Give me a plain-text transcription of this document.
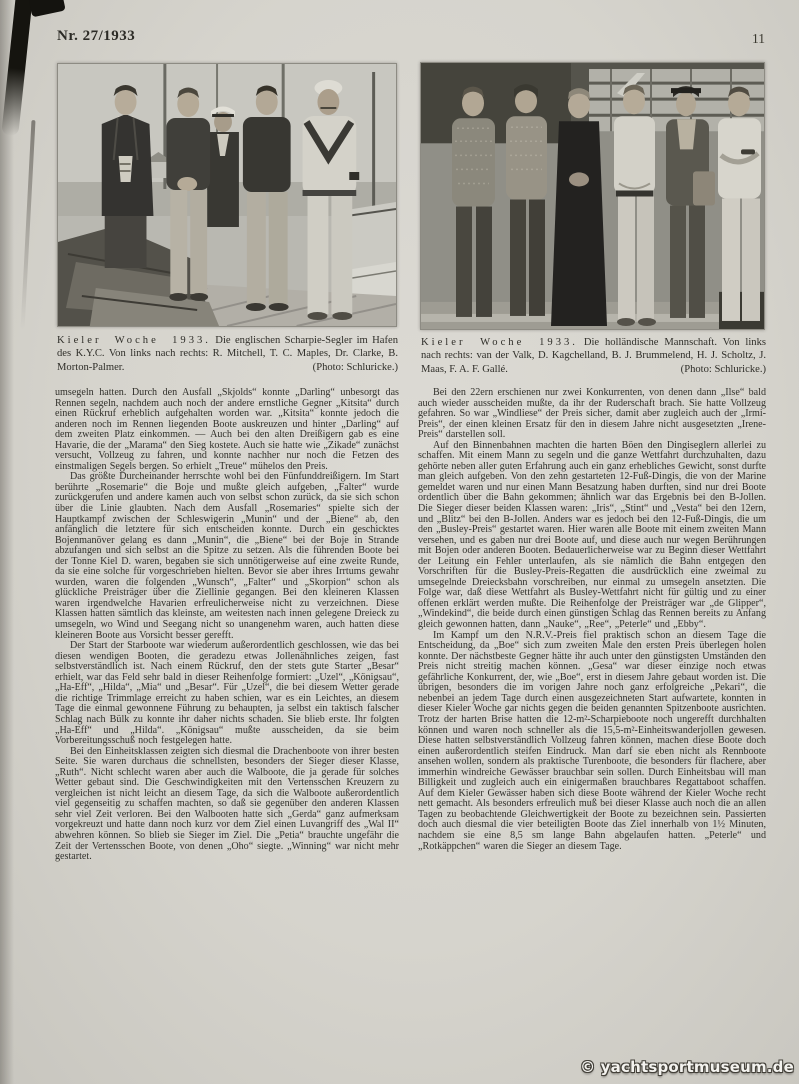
Nr. 27/1933	11
Kieler Woche 1933. Die englischen Scharpie-Segler im Hafen des K.Y.C. Von links nach rechts: R. Mitchell, T. C. Maples, Dr. Clarke, B. Morton-Palmer.	(Photo: Schluricke.)
Kieler Woche 1933. Die holländische Mannschaft. Von links nach rechts: van der Valk, D. Kagchelland, B. J. Brummelend, H. J. Scholtz, J. Maas, F. A. F. Gallé.	(Photo: Schluricke.)

umsegeln hatten. Durch den Ausfall „Skjolds“ konnte „Darling“ unbesorgt das Rennen segeln, nachdem auch noch der andere ernstliche Gegner „Kitsita“ durch einen Rückruf erheblich aufgehalten worden war. „Kitsita“ konnte jedoch die anderen noch im Rennen liegenden Boote auskreuzen und hinter „Darling“ auf dem zweiten Platz einkommen. — Auch bei den alten Dreißigern gab es eine Havarie, die der „Marama“ den Sieg kostete. Auch sie hatte wie „Zikade“ zunächst versucht, Vollzeug zu fahren, und konnte nachher nur noch die Fetzen des einstmaligen Segels bergen. So erhielt „Treue“ mühelos den Preis.

Das größte Durcheinander herrschte wohl bei den Fünfunddreißigern. Im Start berührte „Rosemarie“ die Boje und mußte gleich aufgeben, „Falter“ wurde zurückgerufen und andere kamen auch von selbst schon zurück, da sie sich schon über die Linie glaubten. Nach dem Ausfall „Rosemaries“ spielte sich der Hauptkampf zwischen der Schleswigerin „Munin“ und der „Biene“ ab, den anfänglich die letztere für sich entscheiden konnte. Durch ein geschicktes Bojenmanöver gelang es dann „Munin“, die „Biene“ bei der Boje in Strande abzufangen und sich selbst an die Spitze zu setzen. Als die führenden Boote bei der Tonne Kiel D. waren, begaben sie sich unnötigerweise auf eine zweite Runde, da sie eine solche für vorgeschrieben hielten. Bevor sie aber ihres Irrtums gewahr wurden, waren die folgenden „Wunsch“, „Falter“ und „Skorpion“ schon als glückliche Preisträger über die Ziellinie gegangen. Bei den kleineren Klassen waren irgendwelche Havarien erfreulicherweise nicht zu verzeichnen. Diese Klassen hatten sämtlich das kleinste, am weitesten nach innen gelegene Dreieck zu umsegeln, wo Wind und Seegang nicht so unangenehm waren, auch hatten diese kleineren Boote aus Vorsicht besser gerefft.

Der Start der Starboote war wiederum außerordentlich geschlossen, wie das bei diesen wendigen Booten, die geradezu etwas Jollenähnliches zeigen, fast selbstverständlich ist. Nach einem Rückruf, den der stets gute Starter „Besar“ erhielt, war das Feld sehr bald in dieser Reihenfolge formiert: „Uzel“, „Königsau“, „Ha-Eff“, „Hilda“, „Mia“ und „Besar“. Für „Uzel“, die bei diesem Wetter gerade die richtige Trimmlage erreicht zu haben schien, war es ein Leichtes, an diesem Tage die einmal gewonnene Führung zu behaupten, ja selbst ein taktisch falscher Schlag nach Bülk zu konnte ihr daher nichts schaden. Sie blieb erste. Ihr folgten „Ha-Eff“ und „Hilda“. „Königsau“ mußte ausscheiden, da sie beim Vorbereitungsschuß noch festgelegen hatte.

Bei den Einheitsklassen zeigten sich diesmal die Drachenboote von ihrer besten Seite. Sie waren durchaus die schnellsten, besonders der Sieger dieser Klasse, „Ruth“. Nicht schlecht waren aber auch die Walboote, die ja gerade für solches Wetter gebaut sind. Die Geschwindigkeiten mit den Vertensschen Kreuzern zu vergleichen ist nicht leicht an diesem Tage, da sich die Walboote außerordentlich viel gegenseitig zu schaffen machten, so daß sie gegenüber den anderen Klassen sehr viel Zeit verloren. Bei den Walbooten hatte sich „Gerda“ ganz aufmerksam vorgekreuzt und hatte dann noch kurz vor dem Ziel einen Luvangriff des „Wal II“ abwehren können. So blieb sie Sieger im Ziel. Die „Petia“ brauchte ungefähr die Zeit der Vertensschen Boote, von denen „Oho“ siegte. „Winning“ war nicht mehr gestartet.

Bei den 22ern erschienen nur zwei Konkurrenten, von denen dann „Ilse“ bald auch wieder ausscheiden mußte, da ihr der Ruderschaft brach. Sie hatte Vollzeug gefahren. So war „Windliese“ der Preis sicher, damit aber zugleich auch der „Irmi-Preis“, der einen kleinen Ersatz für den in diesem Jahre nicht ausgesetzten „Irene-Preis“ darstellen soll.

Auf den Binnenbahnen machten die harten Böen den Dingiseglern allerlei zu schaffen. Mit einem Mann zu segeln und die ganze Wettfahrt durchzuhalten, dazu gehörte neben aller guten Erfahrung auch ein ganz erhebliches Gewicht, sonst durfte man gleich aufgeben. Von den zehn gestarteten 12-Fuß-Dingis, die von der Marine gemeldet waren und nur einen Mann Besatzung haben durften, sind nur drei Boote ordentlich über die Bahn gekommen; ähnlich war das Ergebnis bei den B-Jollen. Die Sieger dieser beiden Klassen waren: „Iris“, „Stint“ und „Vesta“ bei den 12ern, und „Blitz“ bei den B-Jollen. Anders war es jedoch bei den 12-Fuß-Dingis, die um den „Busley-Preis“ gestartet waren. Hier waren alle Boote mit einem zweiten Mann versehen, und es gaben nur drei Boote auf, und diese auch nur wegen Berührungen mit Bojen oder anderen Booten. Bedauerlicherweise war zu Beginn dieser Wettfahrt der Leitung ein Fehler unterlaufen, als sie nämlich die Bahn entgegen den Vorschriften für die Busley-Preis-Regatten die ausdrücklich eine zweimal zu umsegelnde Dreiecksbahn vorschreiben, nur einmal zu umsegeln ansetzten. Die Folge war, daß diese Wettfahrt als Busley-Wettfahrt nicht für gültig und zu einer offenen erklärt werden mußte. Die Reihenfolge der Preisträger war „de Glipper“, „Windekind“, die beide durch einen günstigen Schlag das Rennen bereits zu Anfang gleich gewonnen hatten, dann „Nauke“, „Ree“, „Peterle“ und „Ebby“.

Im Kampf um den N.R.V.-Preis fiel praktisch schon an diesem Tage die Entscheidung, da „Boe“ sich zum zweiten Male den ersten Preis überlegen holen konnte. Der nächstbeste Gegner hätte ihr auch unter den günstigsten Umständen den Preis nicht streitig machen können. „Gesa“ war dieser einzige noch etwas gefährliche Konkurrent, der, wie „Boe“, erst in diesem Jahre gebaut worden ist. Die übrigen, besonders die im vorigen Jahre noch ganz erfolgreiche „Pekari“, die nebenbei an jedem Tage durch einen ausgezeichneten Start aufwartete, konnten in dieser Kieler Woche gar nichts gegen die beiden genannten Spitzenboote ausrichten. Trotz der harten Brise hatten die 12-m²-Scharpieboote noch ungerefft durchhalten können und waren noch schneller als die 15,5-m²-Einheitswanderjollen gewesen. Diese hatten selbstverständlich Vollzeug fahren können, machen diese Boote doch einen außerordentlich steifen Eindruck. Man darf sie eben nicht als Rennboote ansehen wollen, sondern als praktische Turenboote, die besonders für flachere, aber immerhin windreiche Gewässer brauchbar sein sollen. Durch Einheitsbau will man Billigkeit und zugleich auch ein einigermaßen brauchbares Regattaboot schaffen. Auf dem Kieler Gewässer haben sich diese Boote während der Kieler Woche recht nett gemacht. Als besonders erfreulich muß bei dieser Klasse auch noch die an allen Tagen zu beobachtende Gleichwertigkeit der Boote zu bezeichnen sein. Passierten doch auch diesmal die vier beteiligten Boote das Ziel innerhalb von 1½ Minuten, nachdem sie eine 8,5 sm lange Bahn abgelaufen hatten. „Peterle“ und „Rotkäppchen“ waren die Sieger an diesem Tage.

© yachtsportmuseum.de
